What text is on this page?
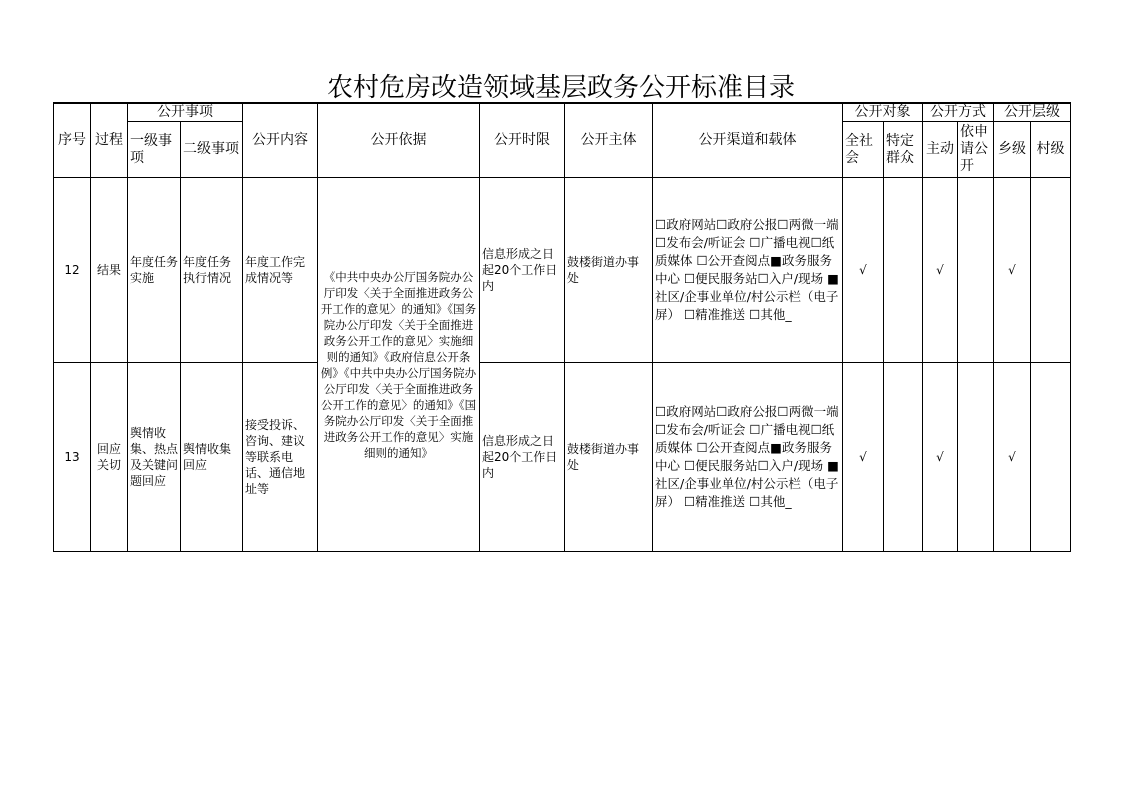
农村危房改造领域基层政务公开标准目录
序号	过程	公开事项		公开内容	公开依据	公开时限	公开主体	公开渠道和载体	公开对象		公开方式		公开层级	
		一级事项	二级事项						全社会	特定群众	主动	依申请公开	乡级	村级
12	结果	年度任务实施	年度任务执行情况	年度工作完成情况等	《中共中央办公厅国务院办公厅印发〈关于全面推进政务公开工作的意见〉的通知》《国务院办公厅印发〈关于全面推进政务公开工作的意见〉实施细则的通知》《政府信息公开条例》《中共中央办公厅国务院办公厅印发〈关于全面推进政务公开工作的意见〉的通知》《国务院办公厅印发〈关于全面推进政务公开工作的意见〉实施细则的通知》	信息形成之日起20个工作日内	鼓楼街道办事处	☐政府网站☐政府公报☐两微一端 ☐发布会/听证会 ☐广播电视☐纸质媒体 ☐公开查阅点■政务服务中心 ☐便民服务站☐入户/现场 ■社区/企事业单位/村公示栏（电子屏） ☐精准推送 ☐其他_	√		√		√	
13	回应关切	舆情收集、热点及关键问题回应	舆情收集回应	接受投诉、咨询、建议等联系电话、通信地址等		信息形成之日起20个工作日内	鼓楼街道办事处	☐政府网站☐政府公报☐两微一端 ☐发布会/听证会 ☐广播电视☐纸质媒体 ☐公开查阅点■政务服务中心 ☐便民服务站☐入户/现场 ■社区/企事业单位/村公示栏（电子屏） ☐精准推送 ☐其他_	√		√		√	
